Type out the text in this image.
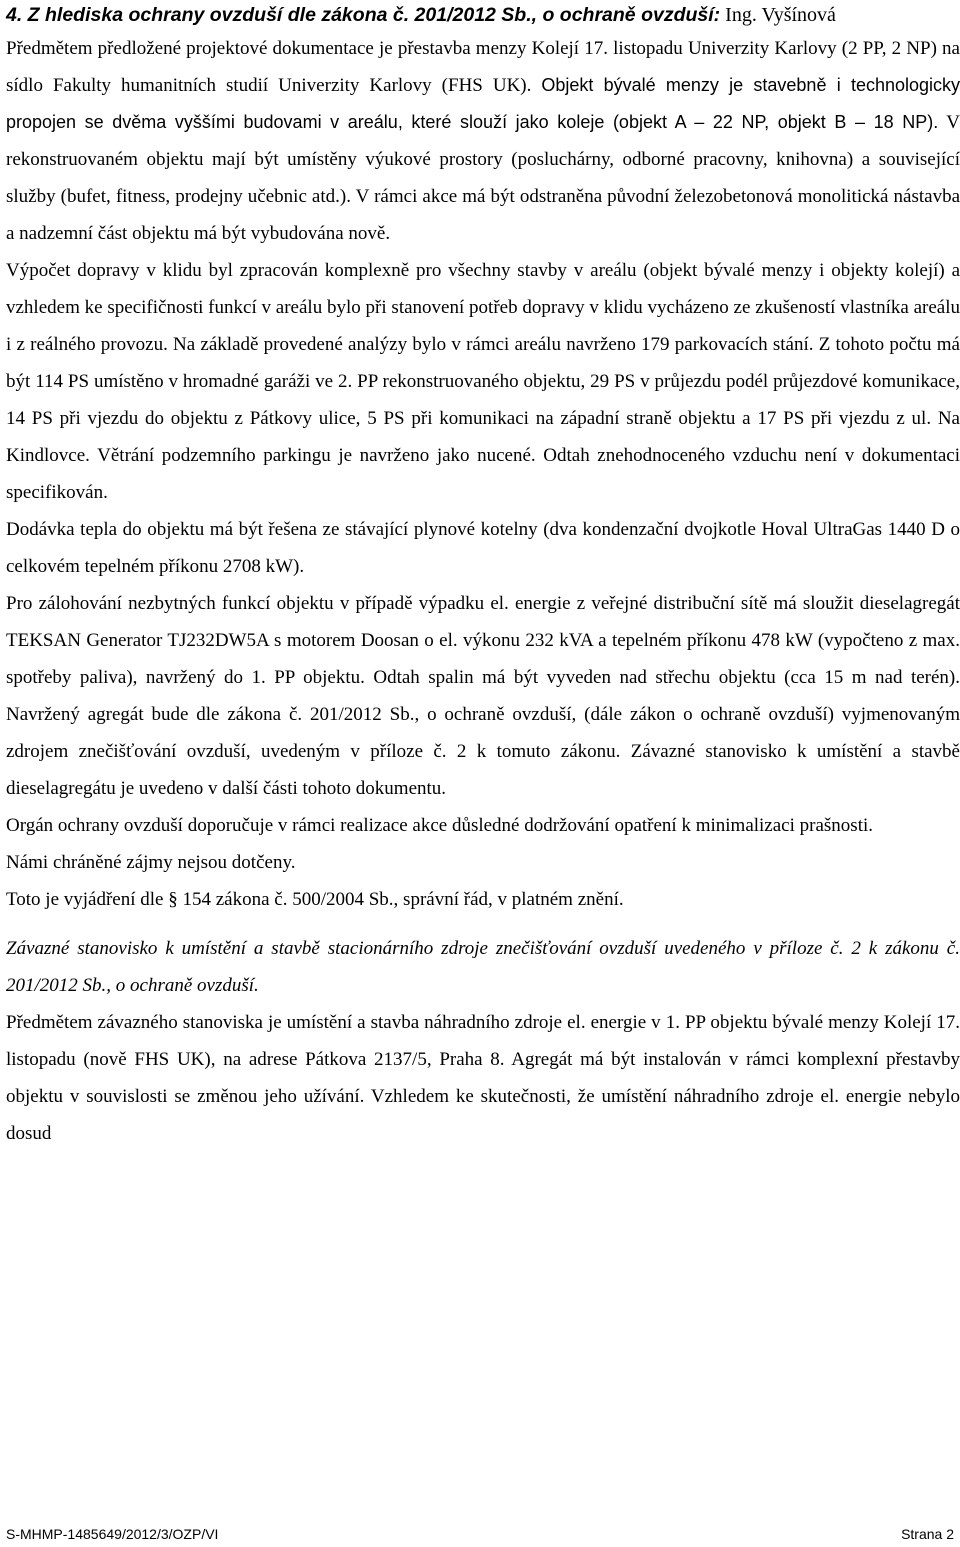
4. Z hlediska ochrany ovzduší dle zákona č. 201/2012 Sb., o ochraně ovzduší: Ing. Vyšínová

Předmětem předložené projektové dokumentace je přestavba menzy Kolejí 17. listopadu Univerzity Karlovy (2 PP, 2 NP) na sídlo Fakulty humanitních studií Univerzity Karlovy (FHS UK). Objekt bývalé menzy je stavebně i technologicky propojen se dvěma vyššími budovami v areálu, které slouží jako koleje (objekt A – 22 NP, objekt B – 18 NP). V rekonstruovaném objektu mají být umístěny výukové prostory (posluchárny, odborné pracovny, knihovna) a související služby (bufet, fitness, prodejny učebnic atd.). V rámci akce má být odstraněna původní železobetonová monolitická nástavba a nadzemní část objektu má být vybudována nově.

Výpočet dopravy v klidu byl zpracován komplexně pro všechny stavby v areálu (objekt bývalé menzy i objekty kolejí) a vzhledem ke specifičnosti funkcí v areálu bylo při stanovení potřeb dopravy v klidu vycházeno ze zkušeností vlastníka areálu i z reálného provozu. Na základě provedené analýzy bylo v rámci areálu navrženo 179 parkovacích stání. Z tohoto počtu má být 114 PS umístěno v hromadné garáži ve 2. PP rekonstruovaného objektu, 29 PS v průjezdu podél průjezdové komunikace, 14 PS při vjezdu do objektu z Pátkovy ulice, 5 PS při komunikaci na západní straně objektu a 17 PS při vjezdu z ul. Na Kindlovce. Větrání podzemního parkingu je navrženo jako nucené. Odtah znehodnoceného vzduchu není v dokumentaci specifikován.

Dodávka tepla do objektu má být řešena ze stávající plynové kotelny (dva kondenzační dvojkotle Hoval UltraGas 1440 D o celkovém tepelném příkonu 2708 kW).

Pro zálohování nezbytných funkcí objektu v případě výpadku el. energie z veřejné distribuční sítě má sloužit dieselagregát TEKSAN Generator TJ232DW5A s motorem Doosan o el. výkonu 232 kVA a tepelném příkonu 478 kW (vypočteno z max. spotřeby paliva), navržený do 1. PP objektu. Odtah spalin má být vyveden nad střechu objektu (cca 15 m nad terén). Navržený agregát bude dle zákona č. 201/2012 Sb., o ochraně ovzduší, (dále zákon o ochraně ovzduší) vyjmenovaným zdrojem znečišťování ovzduší, uvedeným v příloze č. 2 k tomuto zákonu. Závazné stanovisko k umístění a stavbě dieselagregátu je uvedeno v další části tohoto dokumentu.

Orgán ochrany ovzduší doporučuje v rámci realizace akce důsledné dodržování opatření k minimalizaci prašnosti.

Námi chráněné zájmy nejsou dotčeny.

Toto je vyjádření dle § 154 zákona č. 500/2004 Sb., správní řád, v platném znění.

Závazné stanovisko k umístění a stavbě stacionárního zdroje znečišťování ovzduší uvedeného v příloze č. 2 k zákonu č. 201/2012 Sb., o ochraně ovzduší.

Předmětem závazného stanoviska je umístění a stavba náhradního zdroje el. energie v 1. PP objektu bývalé menzy Kolejí 17. listopadu (nově FHS UK), na adrese Pátkova 2137/5, Praha 8. Agregát má být instalován v rámci komplexní přestavby objektu v souvislosti se změnou jeho užívání. Vzhledem ke skutečnosti, že umístění náhradního zdroje el. energie nebylo dosud

S-MHMP-1485649/2012/3/OZP/VI	Strana 2
